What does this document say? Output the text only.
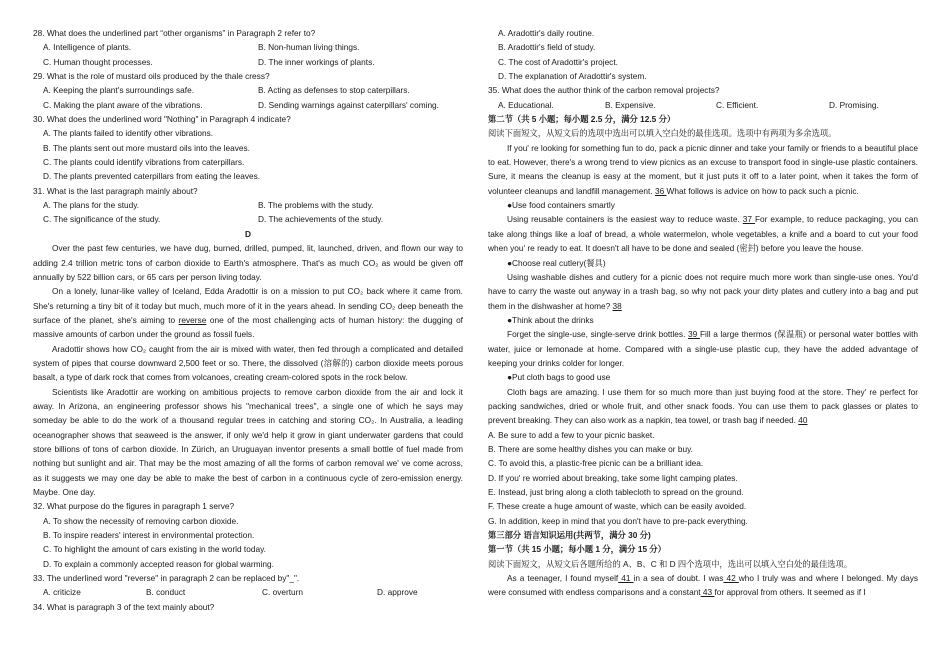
28. What does the underlined part “other organisms” in Paragraph 2 refer to?

A. Intelligence of plants.	B. Non-human living things.
C. Human thought processes.	D. The inner workings of plants.

29. What is the role of mustard oils produced by the thale cress?

A. Keeping the plant's surroundings safe.	B. Acting as defenses to stop caterpillars.
C. Making the plant aware of the vibrations.	D. Sending warnings against caterpillars' coming.

30. What does the underlined word "Nothing" in Paragraph 4 indicate?

A. The plants failed to identify other vibrations.
B. The plants sent out more mustard oils into the leaves.
C. The plants could identify vibrations from caterpillars.
D. The plants prevented caterpillars from eating the leaves.

31. What is the last paragraph mainly about?

A. The plans for the study.	B. The problems with the study.
C. The significance of the study.	D. The achievements of the study.
D

Over the past few centuries, we have dug, burned, drilled, pumped, lit, launched, driven, and flown our way to adding 2.4 trillion metric tons of carbon dioxide to Earth's atmosphere. That's as much CO₂ as would be given off annually by 522 billion cars, or 65 cars per person living today.

On a lonely, lunar-like valley of Iceland, Edda Aradottir is on a mission to put CO₂ back where it came from. She's returning a tiny bit of it today but much, much more of it in the years ahead. In sending CO₂ deep beneath the surface of the planet, she's aiming to reverse one of the most challenging acts of human history: the dugging of massive amounts of carbon under the ground as fossil fuels.

Aradottir shows how CO₂ caught from the air is mixed with water, then fed through a complicated and detailed system of pipes that course downward 2,500 feet or so. There, the dissolved (溶解的) carbon dioxide meets porous basalt, a type of dark rock that comes from volcanoes, creating cream-colored spots in the rock below.

Scientists like Aradottir are working on ambitious projects to remove carbon dioxide from the air and lock it away. In Arizona, an engineering professor shows his "mechanical trees", a single one of which he says may someday be able to do the work of a thousand regular trees in catching and storing CO₂. In Australia, a leading oceanographer shows that seaweed is the answer, if only we'd help it grow in giant underwater gardens that could store billions of tons of carbon dioxide. In Zürich, an Uruguayan inventor presents a small bottle of fuel made from nothing but sunlight and air. That may be the most amazing of all the forms of carbon removal we' ve come across, as it suggests we may one day be able to make the best of carbon in a continuous cycle of zero-emission energy. Maybe. One day.

32. What purpose do the figures in paragraph 1 serve?

A. To show the necessity of removing carbon dioxide.
B. To inspire readers' interest in environmental protection.
C. To highlight the amount of cars existing in the world today.
D. To explain a commonly accepted reason for global warming.

33. The underlined word "reverse" in paragraph 2 can be replaced by"_".

A. criticize	B. conduct	C. overturn	D. approve

34. What is paragraph 3 of the text mainly about?

A. Aradottir's daily routine.
B. Aradottir's field of study.
C. The cost of Aradottir's project.
D. The explanation of Aradottir's system.

35. What does the author think of the carbon removal projects?

A. Educational.	B. Expensive.	C. Efficient.	D. Promising.
第二节（共 5 小题；每小题 2.5 分，满分 12.5 分）
阅读下面短文，从短文后的选项中选出可以填入空白处的最佳选项。选项中有两项为多余选项。

If you' re looking for something fun to do, pack a picnic dinner and take your family or friends to a beautiful place to eat. However, there's a wrong trend to view picnics as an excuse to transport food in single-use plastic containers. Sure, it means the cleanup is easy at the moment, but it just puts it off to a later point, when it takes the form of volunteer cleanups and landfill management. 36 What follows is advice on how to pack such a picnic.

●Use food containers smartly

Using reusable containers is the easiest way to reduce waste. 37 For example, to reduce packaging, you can take along things like a loaf of bread, a whole watermelon, whole vegetables, a knife and a board to cut your food when you' re ready to eat. It doesn't all have to be done and sealed (密封) before you leave the house.

●Choose real cutlery(餐具)

Using washable dishes and cutlery for a picnic does not require much more work than single-use ones. You'd have to carry the waste out anyway in a trash bag, so why not pack your dirty plates and cutlery into a bag and put them in the dishwasher at home? 38

●Think about the drinks

Forget the single-use, single-serve drink bottles. 39 Fill a large thermos (保温瓶) or personal water bottles with water, juice or lemonade at home. Compared with a single-use plastic cup, they have the added advantage of keeping your drinks colder for longer.

●Put cloth bags to good use

Cloth bags are amazing. I use them for so much more than just buying food at the store. They' re perfect for packing sandwiches, dried or whole fruit, and other snack foods. You can use them to pack glasses or plates to prevent breaking. They can also work as a napkin, tea towel, or trash bag if needed. 40

A. Be sure to add a few to your picnic basket.
B. There are some healthy dishes you can make or buy.
C. To avoid this, a plastic-free picnic can be a brilliant idea.
D. If you' re worried about breaking, take some light camping plates.
E. Instead, just bring along a cloth tablecloth to spread on the ground.
F. These create a huge amount of waste, which can be easily avoided.
G. In addition, keep in mind that you don't have to pre-pack everything.
第三部分 语言知识运用(共两节，满分 30 分)
第一节（共 15 小题；每小题 1 分，满分 15 分）
阅读下面短文，从短文后各题所给的 A、B、C 和 D 四个选项中，选出可以填入空白处的最佳选项。

As a teenager, I found myself 41 in a sea of doubt. I was 42 who I truly was and where I belonged. My days were consumed with endless comparisons and a constant 43 for approval from others. It seemed as if I
